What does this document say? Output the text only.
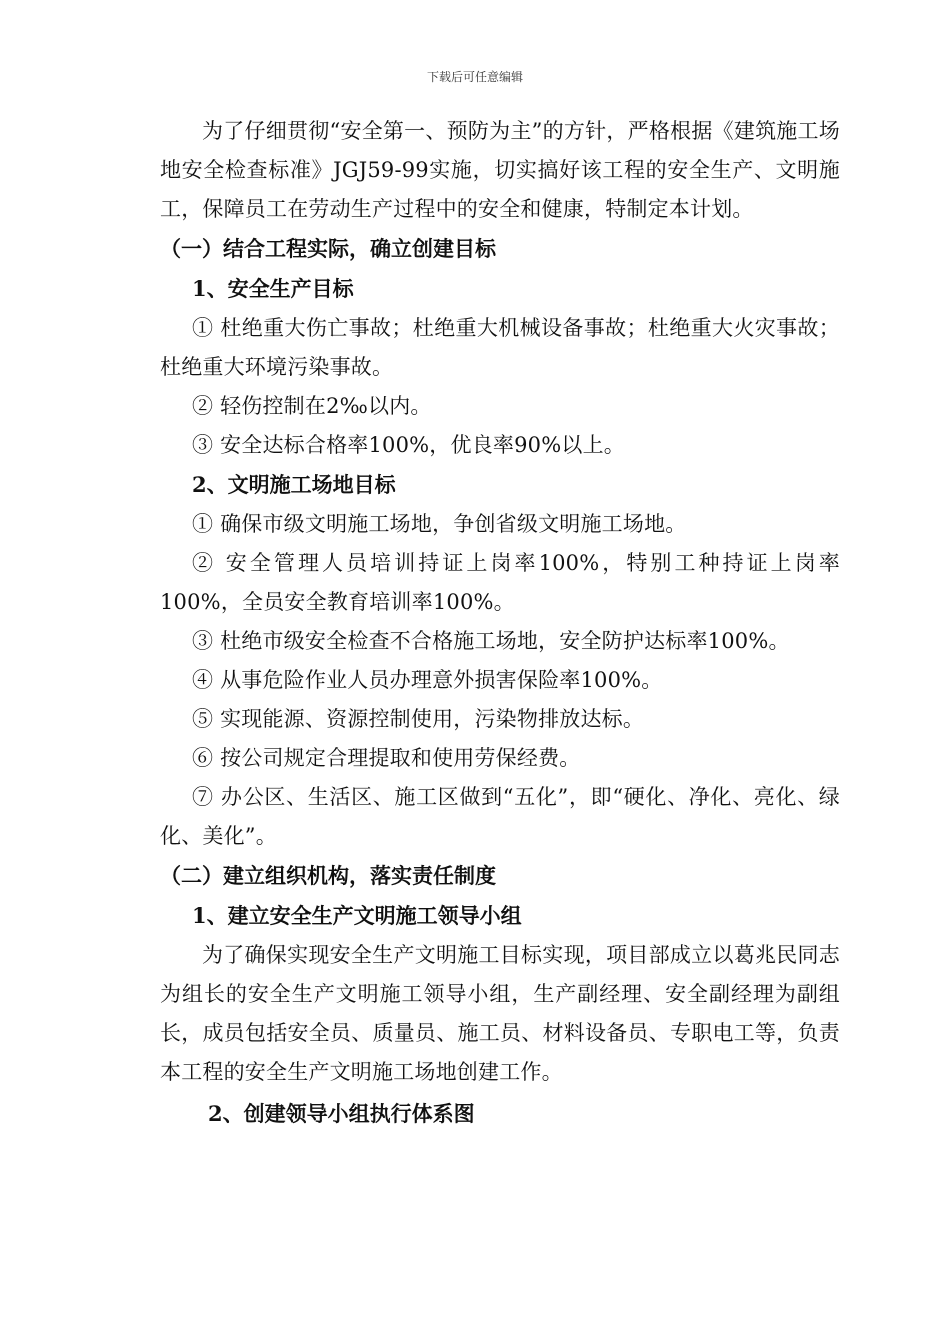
下载后可任意编辑

为了仔细贯彻“安全第一、预防为主”的方针，严格根据《建筑施工场地安全检查标准》JGJ59-99实施，切实搞好该工程的安全生产、文明施工，保障员工在劳动生产过程中的安全和健康，特制定本计划。

（一）结合工程实际，确立创建目标

1、安全生产目标

① 杜绝重大伤亡事故；杜绝重大机械设备事故；杜绝重大火灾事故；杜绝重大环境污染事故。

② 轻伤控制在2‰以内。

③ 安全达标合格率100%，优良率90%以上。

2、文明施工场地目标

① 确保市级文明施工场地，争创省级文明施工场地。

② 安全管理人员培训持证上岗率100%，特别工种持证上岗率100%，全员安全教育培训率100%。

③ 杜绝市级安全检查不合格施工场地，安全防护达标率100%。

④ 从事危险作业人员办理意外损害保险率100%。

⑤ 实现能源、资源控制使用，污染物排放达标。

⑥ 按公司规定合理提取和使用劳保经费。

⑦ 办公区、生活区、施工区做到“五化”，即“硬化、净化、亮化、绿化、美化”。

（二）建立组织机构，落实责任制度

1、建立安全生产文明施工领导小组

为了确保实现安全生产文明施工目标实现，项目部成立以葛兆民同志为组长的安全生产文明施工领导小组，生产副经理、安全副经理为副组长，成员包括安全员、质量员、施工员、材料设备员、专职电工等，负责本工程的安全生产文明施工场地创建工作。

2、创建领导小组执行体系图
